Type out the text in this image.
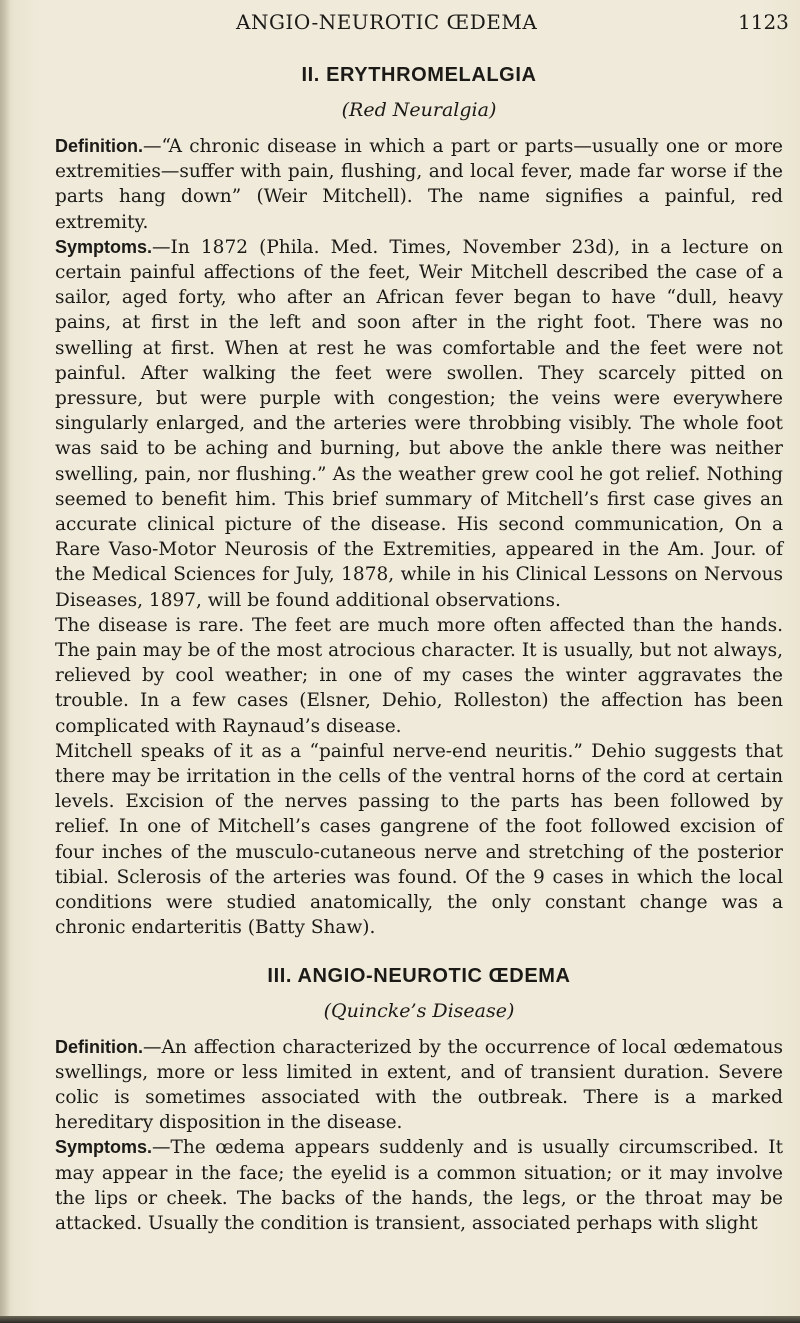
ANGIO-NEUROTIC ŒDEMA	1123
II. ERYTHROMELALGIA
(Red Neuralgia)

Definition.—“A chronic disease in which a part or parts—usually one or more extremities—suffer with pain, flushing, and local fever, made far worse if the parts hang down” (Weir Mitchell). The name signifies a painful, red extremity.

Symptoms.—In 1872 (Phila. Med. Times, November 23d), in a lecture on certain painful affections of the feet, Weir Mitchell described the case of a sailor, aged forty, who after an African fever began to have “dull, heavy pains, at first in the left and soon after in the right foot. There was no swelling at first. When at rest he was comfortable and the feet were not painful. After walking the feet were swollen. They scarcely pitted on pressure, but were purple with congestion; the veins were everywhere singularly enlarged, and the arteries were throbbing visibly. The whole foot was said to be aching and burning, but above the ankle there was neither swelling, pain, nor flushing.” As the weather grew cool he got relief. Nothing seemed to benefit him. This brief summary of Mitchell’s first case gives an accurate clinical picture of the disease. His second communication, On a Rare Vaso-Motor Neurosis of the Extremities, appeared in the Am. Jour. of the Medical Sciences for July, 1878, while in his Clinical Lessons on Nervous Diseases, 1897, will be found additional observations.

The disease is rare. The feet are much more often affected than the hands. The pain may be of the most atrocious character. It is usually, but not always, relieved by cool weather; in one of my cases the winter aggravates the trouble. In a few cases (Elsner, Dehio, Rolleston) the affection has been complicated with Raynaud’s disease.

Mitchell speaks of it as a “painful nerve-end neuritis.” Dehio suggests that there may be irritation in the cells of the ventral horns of the cord at certain levels. Excision of the nerves passing to the parts has been followed by relief. In one of Mitchell’s cases gangrene of the foot followed excision of four inches of the musculo-cutaneous nerve and stretching of the posterior tibial. Sclerosis of the arteries was found. Of the 9 cases in which the local conditions were studied anatomically, the only constant change was a chronic endarteritis (Batty Shaw).

III. ANGIO-NEUROTIC ŒDEMA
(Quincke’s Disease)

Definition.—An affection characterized by the occurrence of local œdematous swellings, more or less limited in extent, and of transient duration. Severe colic is sometimes associated with the outbreak. There is a marked hereditary disposition in the disease.

Symptoms.—The œdema appears suddenly and is usually circumscribed. It may appear in the face; the eyelid is a common situation; or it may involve the lips or cheek. The backs of the hands, the legs, or the throat may be attacked. Usually the condition is transient, associated perhaps with slight
